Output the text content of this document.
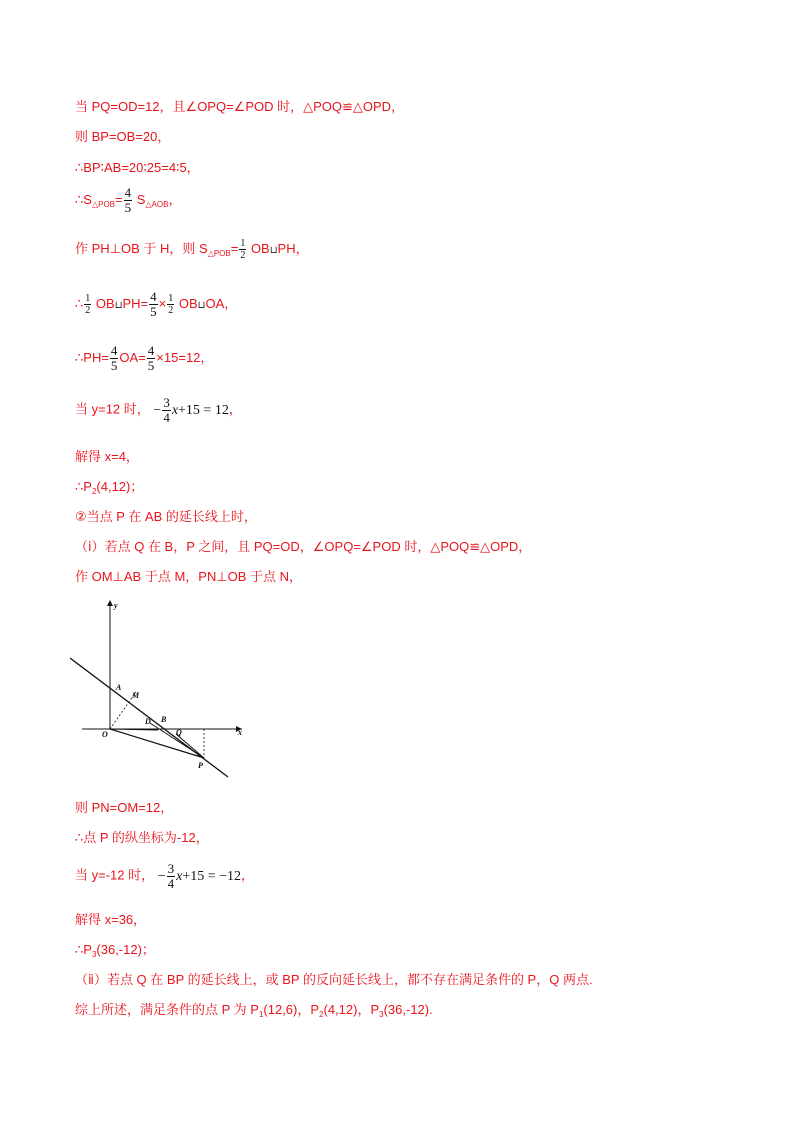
当 PQ=OD=12，且∠OPQ=∠POD 时，△POQ≌△OPD，
则 BP=OB=20，
∴BP∶AB=20∶25=4∶5，
$\therefore S_{\triangle POB}= \frac{4}{5} S_{\triangle AOB}$，
作 PH⊥OB 于 H，则 $S_{\triangle POB}= \frac{1}{2}$ OB⊔PH，
∴ $\frac{1}{2}$ OB⊔PH= $\frac{4}{5} \times \frac{1}{2}$ OB⊔OA，
∴PH= $\frac{4}{5} OA= \frac{4}{5} \times 15=12$，
当 y=12 时， − $\frac{3}{4} x+15 = 12$，
解得 x=4，
$\therefore P_2(4,12)$；
②当点 P 在 AB 的延长线上时，
（ⅰ）若点 Q 在 B，P 之间，且 PQ=OD，∠OPQ=∠POD 时，△POQ≌△OPD，
作 OM⊥AB 于点 M，PN⊥OB 于点 N，
y
x
A
M
D B
Q
O
P
则 PN=OM=12，
∴点 P 的纵坐标为-12，
当 y=-12 时， − $\frac{3}{4} x+15 = -12$，
解得 x=36，
$\therefore P_3(36,-12)$；
（ⅱ）若点 Q 在 BP 的延长线上，或 BP 的反向延长线上，都不存在满足条件的 P，Q 两点.
综上所述，满足条件的点 P 为 $P_1(12,6)$，$P_2(4,12)$，$P_3(36,-12)$.
